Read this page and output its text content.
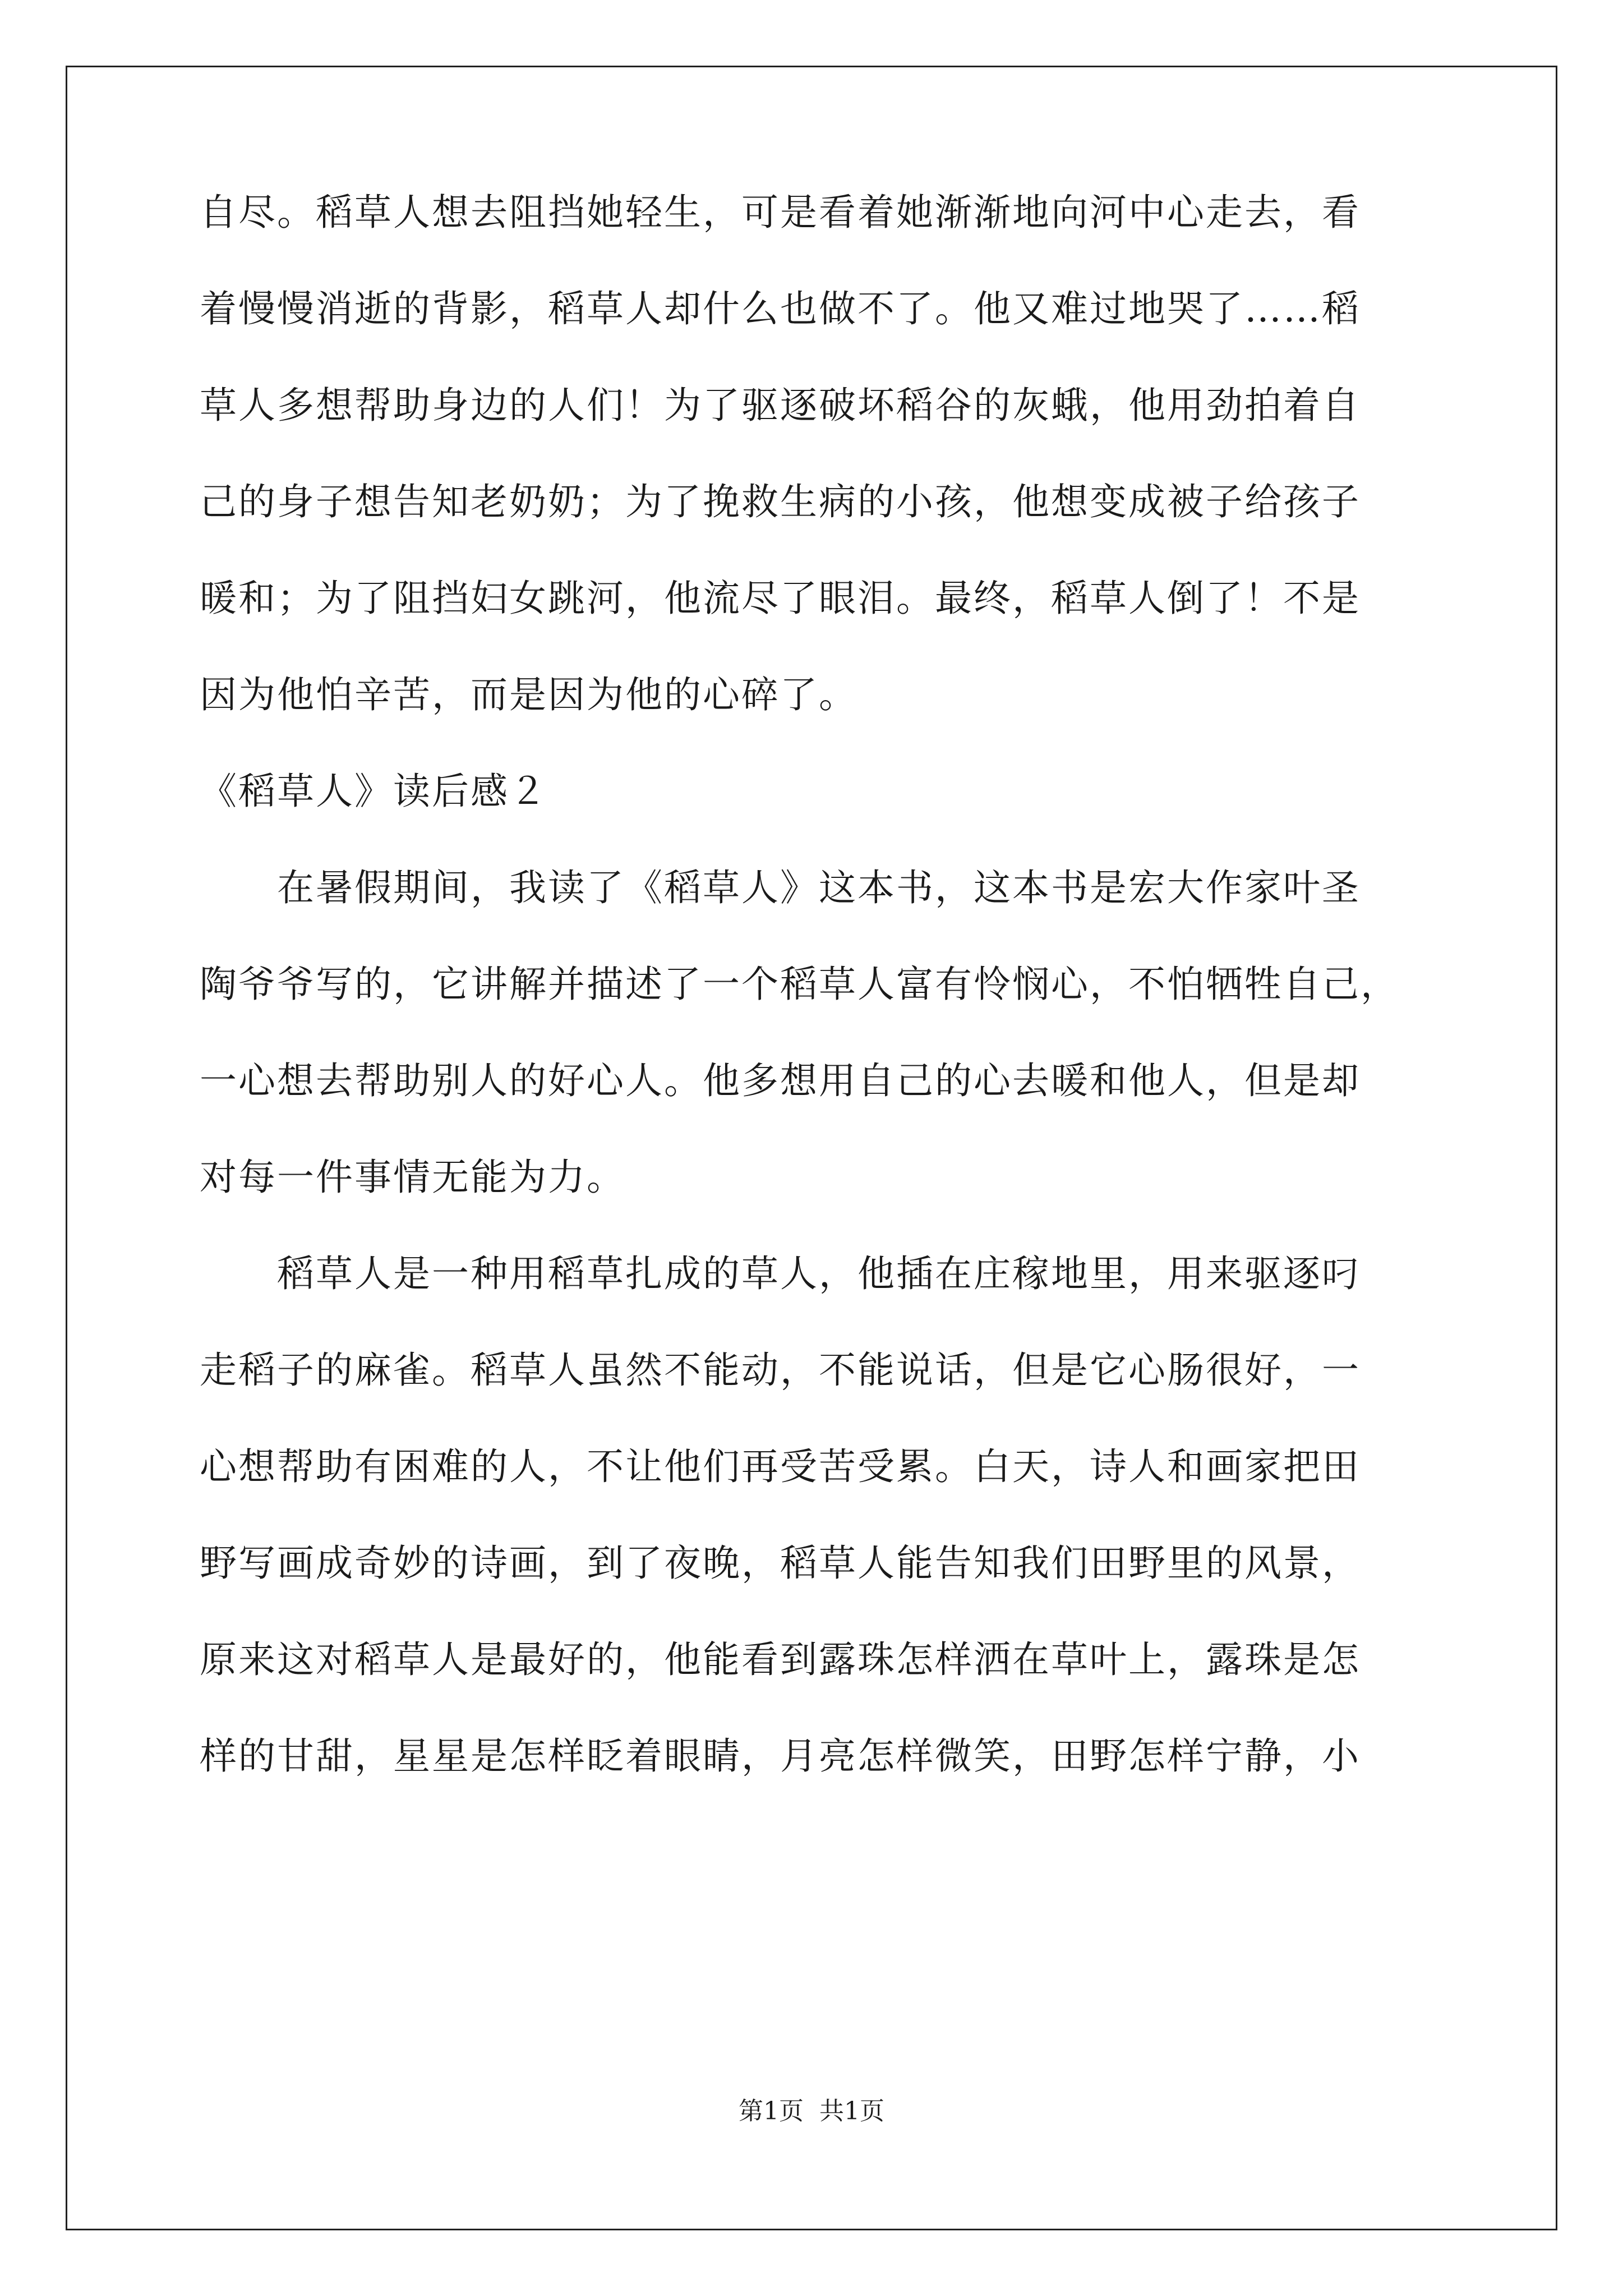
自尽。稻草人想去阻挡她轻生，可是看着她渐渐地向河中心走去，看

着慢慢消逝的背影，稻草人却什么也做不了。他又难过地哭了……稻

草人多想帮助身边的人们！为了驱逐破坏稻谷的灰蛾，他用劲拍着自

己的身子想告知老奶奶；为了挽救生病的小孩，他想变成被子给孩子

暖和；为了阻挡妇女跳河，他流尽了眼泪。最终，稻草人倒了！不是

因为他怕辛苦，而是因为他的心碎了。

《稻草人》读后感２

　　在暑假期间，我读了《稻草人》这本书，这本书是宏大作家叶圣

陶爷爷写的，它讲解并描述了一个稻草人富有怜悯心，不怕牺牲自己，

一心想去帮助别人的好心人。他多想用自己的心去暖和他人，但是却

对每一件事情无能为力。

　　稻草人是一种用稻草扎成的草人，他插在庄稼地里，用来驱逐叼

走稻子的麻雀。稻草人虽然不能动，不能说话，但是它心肠很好，一

心想帮助有困难的人，不让他们再受苦受累。白天，诗人和画家把田

野写画成奇妙的诗画，到了夜晚，稻草人能告知我们田野里的风景，

原来这对稻草人是最好的，他能看到露珠怎样洒在草叶上，露珠是怎

样的甘甜，星星是怎样眨着眼睛，月亮怎样微笑，田野怎样宁静，小

第1页 共1页
